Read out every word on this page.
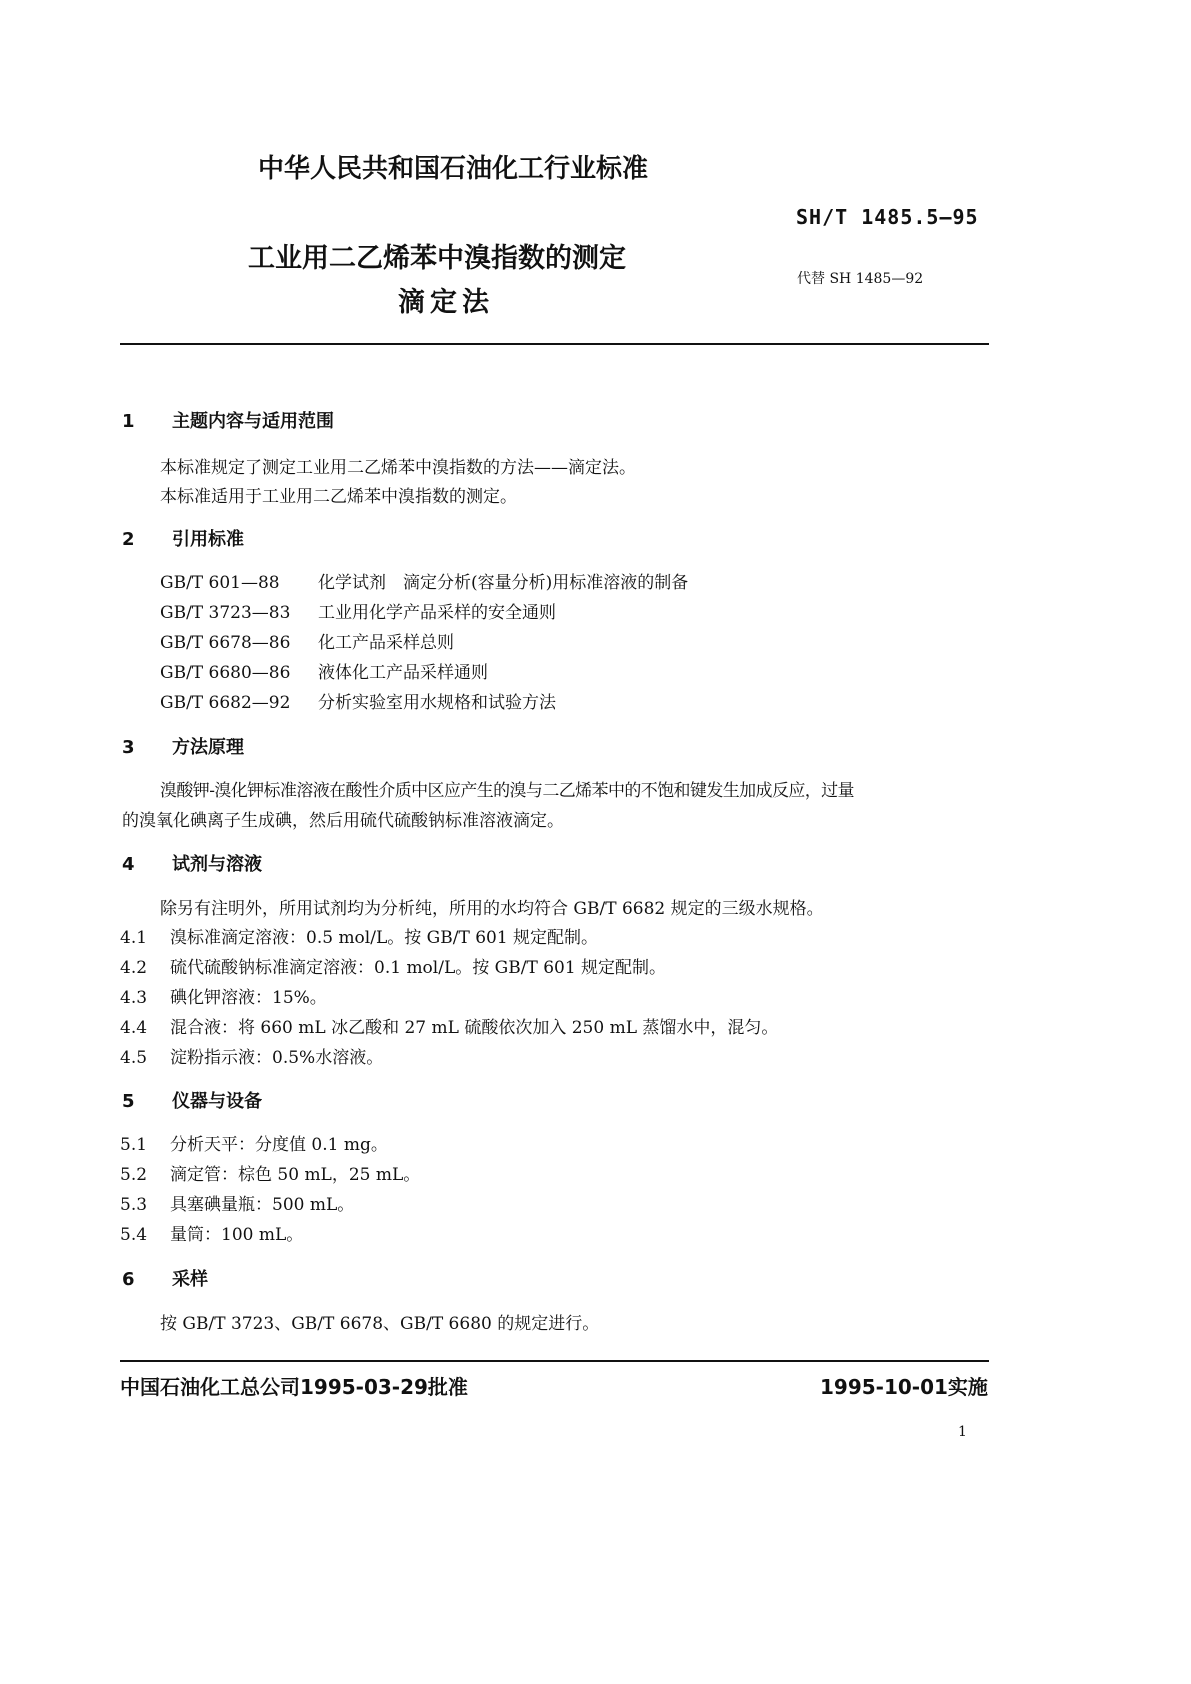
中华人民共和国石油化工行业标准
SH/T 1485.5—95
工业用二乙烯苯中溴指数的测定
滴定法
代替 SH 1485—92
1 主题内容与适用范围
本标准规定了测定工业用二乙烯苯中溴指数的方法——滴定法。
本标准适用于工业用二乙烯苯中溴指数的测定。
2 引用标准
GB/T 601—88 化学试剂　滴定分析(容量分析)用标准溶液的制备
GB/T 3723—83 工业用化学产品采样的安全通则
GB/T 6678—86 化工产品采样总则
GB/T 6680—86 液体化工产品采样通则
GB/T 6682—92 分析实验室用水规格和试验方法
3 方法原理
溴酸钾-溴化钾标准溶液在酸性介质中区应产生的溴与二乙烯苯中的不饱和键发生加成反应，过量
的溴氧化碘离子生成碘，然后用硫代硫酸钠标准溶液滴定。
4 试剂与溶液
除另有注明外，所用试剂均为分析纯，所用的水均符合 GB/T 6682 规定的三级水规格。
4.1 溴标准滴定溶液：0.5 mol/L。按 GB/T 601 规定配制。
4.2 硫代硫酸钠标准滴定溶液：0.1 mol/L。按 GB/T 601 规定配制。
4.3 碘化钾溶液：15%。
4.4 混合液：将 660 mL 冰乙酸和 27 mL 硫酸依次加入 250 mL 蒸馏水中，混匀。
4.5 淀粉指示液：0.5%水溶液。
5 仪器与设备
5.1 分析天平：分度值 0.1 mg。
5.2 滴定管：棕色 50 mL，25 mL。
5.3 具塞碘量瓶：500 mL。
5.4 量筒：100 mL。
6 采样
按 GB/T 3723、GB/T 6678、GB/T 6680 的规定进行。
中国石油化工总公司1995-03-29批准	1995-10-01实施
1
